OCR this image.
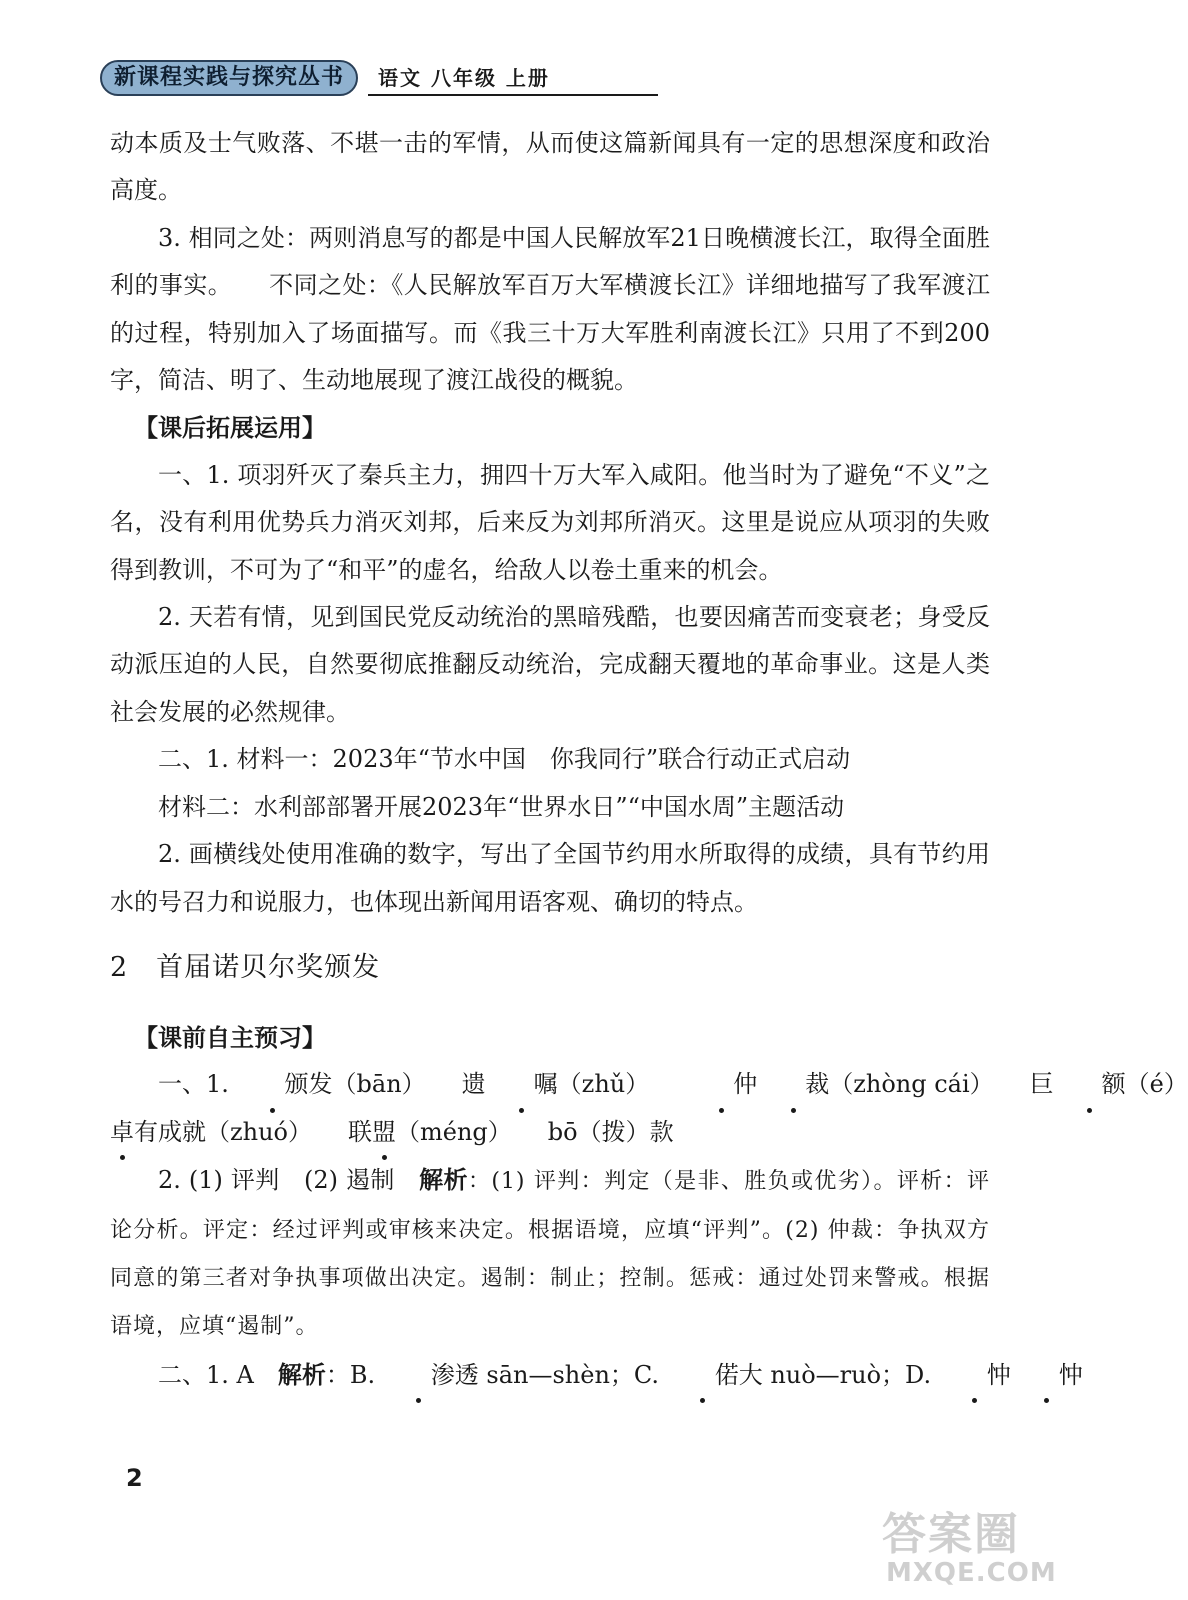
新课程实践与探究丛书	语文 八年级 上册

动本质及士气败落、不堪一击的军情，从而使这篇新闻具有一定的思想深度和政治高度。

3. 相同之处：两则消息写的都是中国人民解放军21日晚横渡长江，取得全面胜利的事实。　　 不同之处：《人民解放军百万大军横渡长江》详细地描写了我军渡江的过程，特别加入了场面描写。而《我三十万大军胜利南渡长江》只用了不到200字，简洁、明了、生动地展现了渡江战役的概貌。

【课后拓展运用】

一、1. 项羽歼灭了秦兵主力，拥四十万大军入咸阳。他当时为了避免“不义”之名，没有利用优势兵力消灭刘邦，后来反为刘邦所消灭。这里是说应从项羽的失败得到教训，不可为了“和平”的虚名，给敌人以卷土重来的机会。

2. 天若有情，见到国民党反动统治的黑暗残酷，也要因痛苦而变衰老；身受反动派压迫的人民，自然要彻底推翻反动统治，完成翻天覆地的革命事业。这是人类社会发展的必然规律。

二、1. 材料一：2023年“节水中国　你我同行”联合行动正式启动

材料二：水利部部署开展2023年“世界水日”“中国水周”主题活动

2. 画横线处使用准确的数字，写出了全国节约用水所取得的成绩，具有节约用水的号召力和说服力，也体现出新闻用语客观、确切的特点。

2　首届诺贝尔奖颁发

【课前自主预习】

一、1. 颁发（bān）　　 遗 嘱（zhǔ）　　	仲 裁（zhòng cái）　　 巨 额（é）

卓有成就（zhuó）　　 联盟（méng）　　 bō（拨）款

2. (1) 评判　(2) 遏制　解析：(1) 评判：判定（是非、胜负或优劣）。评析：评论分析。评定：经过评判或审核来决定。根据语境，应填“评判”。(2) 仲裁：争执双方同意的第三者对争执事项做出决定。遏制：制止；控制。惩戒：通过处罚来警戒。根据语境，应填“遏制”。

二、1. A　解析：B. 渗透 sān—shèn；C. 偌大 nuò—ruò；D. 忡 忡

2
答案圈
MXQE.COM
